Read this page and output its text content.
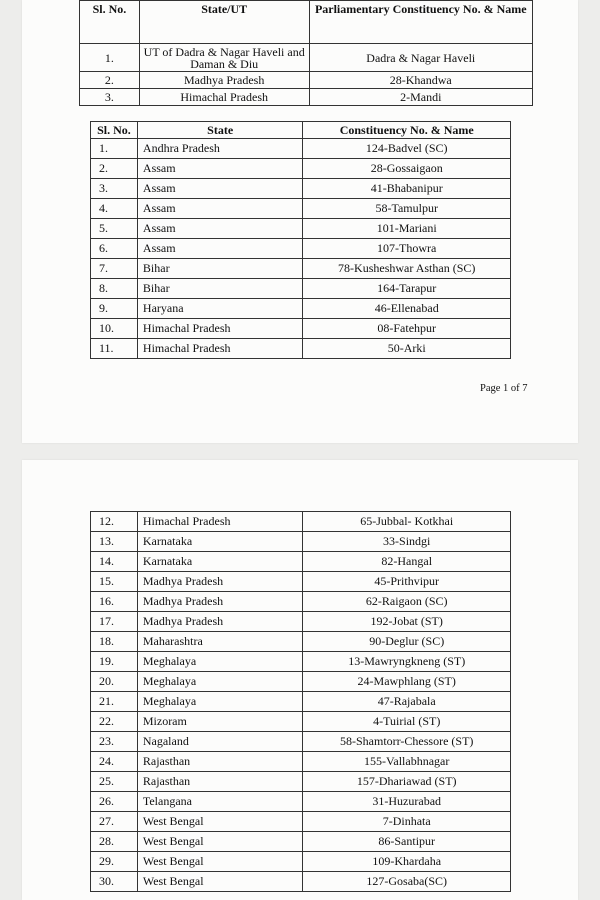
Sl. No.	State/UT	Parliamentary Constituency No. & Name
1.	UT of Dadra & Nagar Haveli and Daman & Diu	Dadra & Nagar Haveli
2.	Madhya Pradesh	28-Khandwa
3.	Himachal Pradesh	2-Mandi
Sl. No.	State	Constituency No. & Name
1.	Andhra Pradesh	124-Badvel (SC)
2.	Assam	28-Gossaigaon
3.	Assam	41-Bhabanipur
4.	Assam	58-Tamulpur
5.	Assam	101-Mariani
6.	Assam	107-Thowra
7.	Bihar	78-Kusheshwar Asthan (SC)
8.	Bihar	164-Tarapur
9.	Haryana	46-Ellenabad
10.	Himachal Pradesh	08-Fatehpur
11.	Himachal Pradesh	50-Arki
Page 1 of 7
12.	Himachal Pradesh	65-Jubbal- Kotkhai
13.	Karnataka	33-Sindgi
14.	Karnataka	82-Hangal
15.	Madhya Pradesh	45-Prithvipur
16.	Madhya Pradesh	62-Raigaon (SC)
17.	Madhya Pradesh	192-Jobat (ST)
18.	Maharashtra	90-Deglur (SC)
19.	Meghalaya	13-Mawryngkneng (ST)
20.	Meghalaya	24-Mawphlang (ST)
21.	Meghalaya	47-Rajabala
22.	Mizoram	4-Tuirial (ST)
23.	Nagaland	58-Shamtorr-Chessore (ST)
24.	Rajasthan	155-Vallabhnagar
25.	Rajasthan	157-Dhariawad (ST)
26.	Telangana	31-Huzurabad
27.	West Bengal	7-Dinhata
28.	West Bengal	86-Santipur
29.	West Bengal	109-Khardaha
30.	West Bengal	127-Gosaba(SC)
